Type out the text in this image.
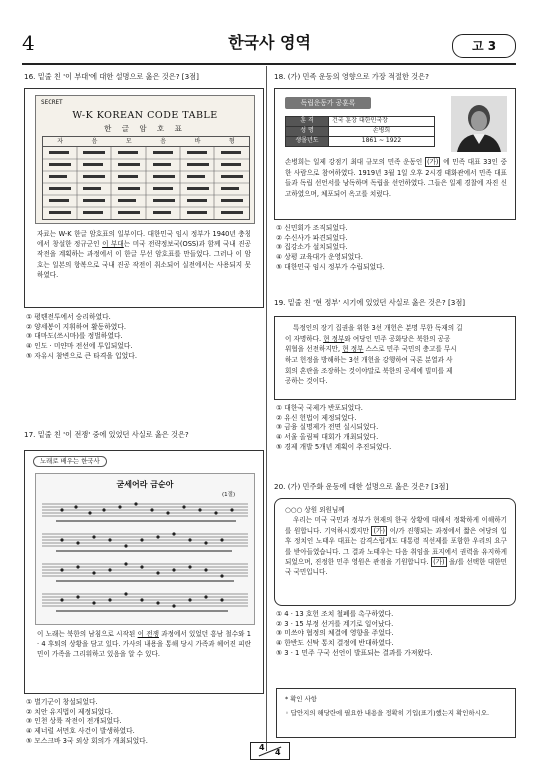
4	한국사 영역	고 3
16. 밑줄 친 '이 부대'에 대한 설명으로 옳은 것은? [3점]
SECRET
W-K KOREAN CODE TABLE
한 글 암 호 표
자	음	모	음	바	형
자료는 W-K 한글 암호표의 일부이다. 대한민국 임시 정부가 1940년 충칭에서 창설한 정규군인 이 부대는 미국 전략정보국(OSS)과 함께 국내 진공 작전을 계획하는 과정에서 이 한글 무선 암호표를 만들었다. 그러나 이 암호는 일본의 항복으로 국내 진공 작전이 취소되어 실전에서는 사용되지 못하였다.
① 평톈전투에서 승리하였다.
② 양세봉이 지휘하여 활동하였다.
③ 대마도(쓰시마)를 정벌하였다.
④ 인도 · 미얀마 전선에 투입되었다.
⑤ 자유시 참변으로 큰 타격을 입었다.
17. 밑줄 친 '이 전쟁' 중에 있었던 사실로 옳은 것은?
노래로 배우는 한국사
굳세어라 금순아
(1절)
이 노래는 북한의 남침으로 시작된 이 전쟁 과정에서 있었던 흥남 철수와 1 · 4 후퇴의 상황을 담고 있다. 가사의 내용을 통해 당시 가족과 헤어진 피란민이 가족을 그리워하고 있음을 알 수 있다.
① 별기군이 창설되었다.
② 치안 유지법이 제정되었다.
③ 인천 상륙 작전이 전개되었다.
④ 제너럴 셔먼호 사건이 발생하였다.
⑤ 모스크바 3국 외상 회의가 개최되었다.
18. (가) 민족 운동의 영향으로 가장 적절한 것은?
독립운동가 공훈록
훈 격	건국 훈장 대한민국장
성 명	손병희
생몰년도	1861 ~ 1922
손병희는 일제 강점기 최대 규모의 민족 운동인 (가) 에 민족 대표 33인 중 한 사람으로 참여하였다. 1919년 3월 1일 오후 2시경 태화관에서 민족 대표들과 독립 선언서를 낭독하며 독립을 선언하였다. 그들은 일제 경찰에 자진 신고하였으며, 체포되어 옥고를 치렀다.
① 신민회가 조직되었다.
② 수신사가 파견되었다.
③ 집강소가 설치되었다.
④ 상평 교육대가 운영되었다.
⑤ 대한민국 임시 정부가 수립되었다.
19. 밑줄 친 '현 정부' 시기에 있었던 사실로 옳은 것은? [3점]
특정인의 장기 집권을 위한 3선 개헌은 분명 무한 독재의 길
이 자명하다. 현 정부와 여당인 민주 공화당은 북한의 공공
위협을 선전하지만, 현 정부 스스로 민주 국민의 충고를 무시
하고 헌정을 방해하는 3선 개헌을 강행하여 국론 분열과 사
회의 혼란을 조장하는 것이야말로 북한의 공세에 빌미를 제
공하는 것이다.
① 대한국 국제가 반포되었다.
② 유신 헌법이 제정되었다.
③ 금융 실명제가 전면 실시되었다.
④ 서울 올림픽 대회가 개최되었다.
⑤ 경제 개발 5개년 계획이 추진되었다.
20. (가) 민주화 운동에 대한 설명으로 옳은 것은? [3점]
○○○ 상원 외원님께
우리는 미국 국민과 정부가 현재의 한국 상황에 대해서 정확하게 이해하기를 원합니다. 기억하시겠지만 (가) 이/가 진행되는 과정에서 짧은 여당의 입후 정치인 노태우 대표는 감격스럽게도 대통령 직선제를 포함한 우리의 요구를 받아들였습니다. 그 결과 노태우는 다음 취임을 표지에서 권력을 유지하게 되었으며, 진정한 민주 영원은 관점을 기원합니다. (가) 을/를 선택한 대한민국 국민입니다.
① 4 · 13 호헌 조치 철폐를 촉구하였다.
② 3 · 15 부정 선거를 계기로 일어났다.
③ 미쓰야 협정의 체결에 영향을 주었다.
④ 한반도 신탁 통치 결정에 반대하였다.
⑤ 3 · 1 민주 구국 선언이 발표되는 결과를 가져왔다.
* 확인 사항
◦ 답안지의 해당란에 필요한 내용을 정확히 기입(표기)했는지 확인하시오.
4
4
